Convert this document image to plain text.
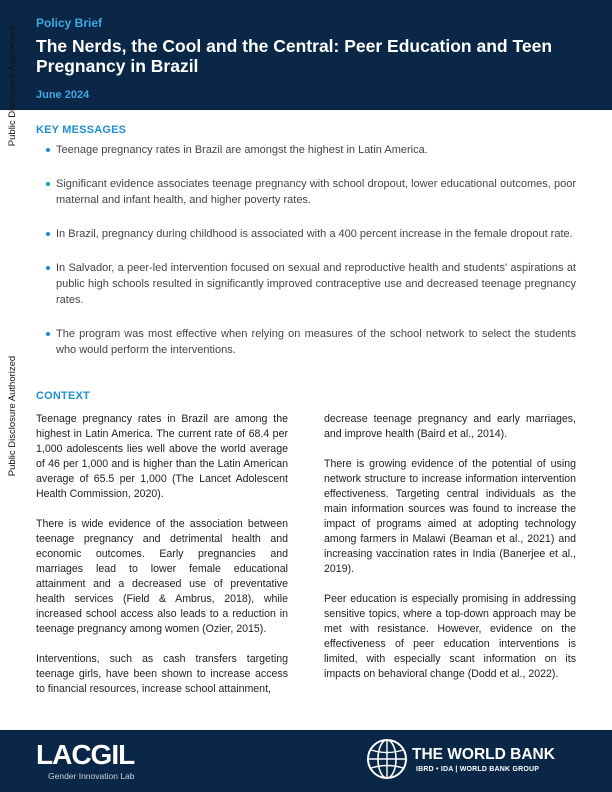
Policy Brief
The Nerds, the Cool and the Central: Peer Education and Teen Pregnancy in Brazil
June 2024
Public Disclosure Authorized
Public Disclosure Authorized
KEY MESSAGES
Teenage pregnancy rates in Brazil are amongst the highest in Latin America.
Significant evidence associates teenage pregnancy with school dropout, lower educational outcomes, poor maternal and infant health, and higher poverty rates.
In Brazil, pregnancy during childhood is associated with a 400 percent increase in the female dropout rate.
In Salvador, a peer-led intervention focused on sexual and reproductive health and students' aspirations at public high schools resulted in significantly improved contraceptive use and decreased teenage pregnancy rates.
The program was most effective when relying on measures of the school network to select the students who would perform the interventions.
CONTEXT

Teenage pregnancy rates in Brazil are among the highest in Latin America. The current rate of 68.4 per 1,000 adolescents lies well above the world average of 46 per 1,000 and is higher than the Latin American average of 65.5 per 1,000 (The Lancet Adolescent Health Commission, 2020).

There is wide evidence of the association between teenage pregnancy and detrimental health and economic outcomes. Early pregnancies and marriages lead to lower female educational attainment and a decreased use of preventative health services (Field & Ambrus, 2018), while increased school access also leads to a reduction in teenage pregnancy among women (Ozier, 2015).

Interventions, such as cash transfers targeting teenage girls, have been shown to increase access to financial resources, increase school attainment,

decrease teenage pregnancy and early marriages, and improve health (Baird et al., 2014).

There is growing evidence of the potential of using network structure to increase information intervention effectiveness. Targeting central individuals as the main information sources was found to increase the impact of programs aimed at adopting technology among farmers in Malawi (Beaman et al., 2021) and increasing vaccination rates in India (Banerjee et al., 2019).

Peer education is especially promising in addressing sensitive topics, where a top-down approach may be met with resistance. However, evidence on the effectiveness of peer education interventions is limited, with especially scant information on its impacts on behavioral change (Dodd et al., 2022).

LACGIL
Gender Innovation Lab
THE WORLD BANK
IBRD • IDA | WORLD BANK GROUP
